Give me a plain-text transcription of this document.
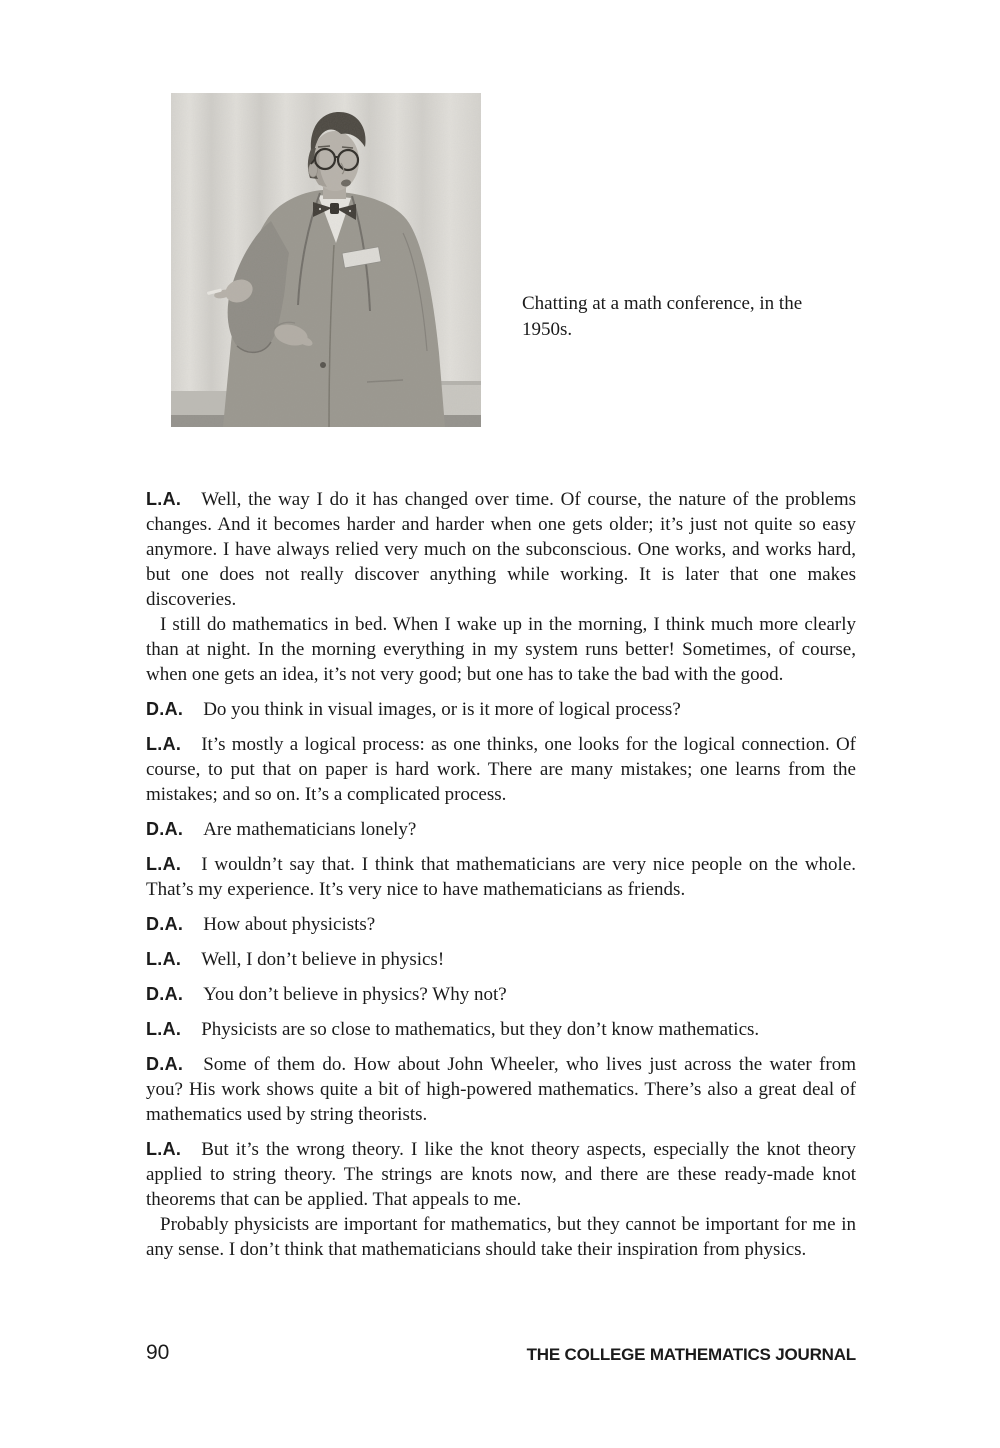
Chatting at a math conference, in the
1950s.

L.A. Well, the way I do it has changed over time. Of course, the nature of the problems changes. And it becomes harder and harder when one gets older; it’s just not quite so easy anymore. I have always relied very much on the subconscious. One works, and works hard, but one does not really discover anything while working. It is later that one makes discoveries.

I still do mathematics in bed. When I wake up in the morning, I think much more clearly than at night. In the morning everything in my system runs better! Sometimes, of course, when one gets an idea, it’s not very good; but one has to take the bad with the good.

D.A. Do you think in visual images, or is it more of logical process?

L.A. It’s mostly a logical process: as one thinks, one looks for the logical connection. Of course, to put that on paper is hard work. There are many mistakes; one learns from the mistakes; and so on. It’s a complicated process.

D.A. Are mathematicians lonely?

L.A. I wouldn’t say that. I think that mathematicians are very nice people on the whole. That’s my experience. It’s very nice to have mathematicians as friends.

D.A. How about physicists?

L.A. Well, I don’t believe in physics!

D.A. You don’t believe in physics? Why not?

L.A. Physicists are so close to mathematics, but they don’t know mathematics.

D.A. Some of them do. How about John Wheeler, who lives just across the water from you? His work shows quite a bit of high-powered mathematics. There’s also a great deal of mathematics used by string theorists.

L.A. But it’s the wrong theory. I like the knot theory aspects, especially the knot theory applied to string theory. The strings are knots now, and there are these ready-made knot theorems that can be applied. That appeals to me.

Probably physicists are important for mathematics, but they cannot be important for me in any sense. I don’t think that mathematicians should take their inspiration from physics.

90	THE COLLEGE MATHEMATICS JOURNAL
